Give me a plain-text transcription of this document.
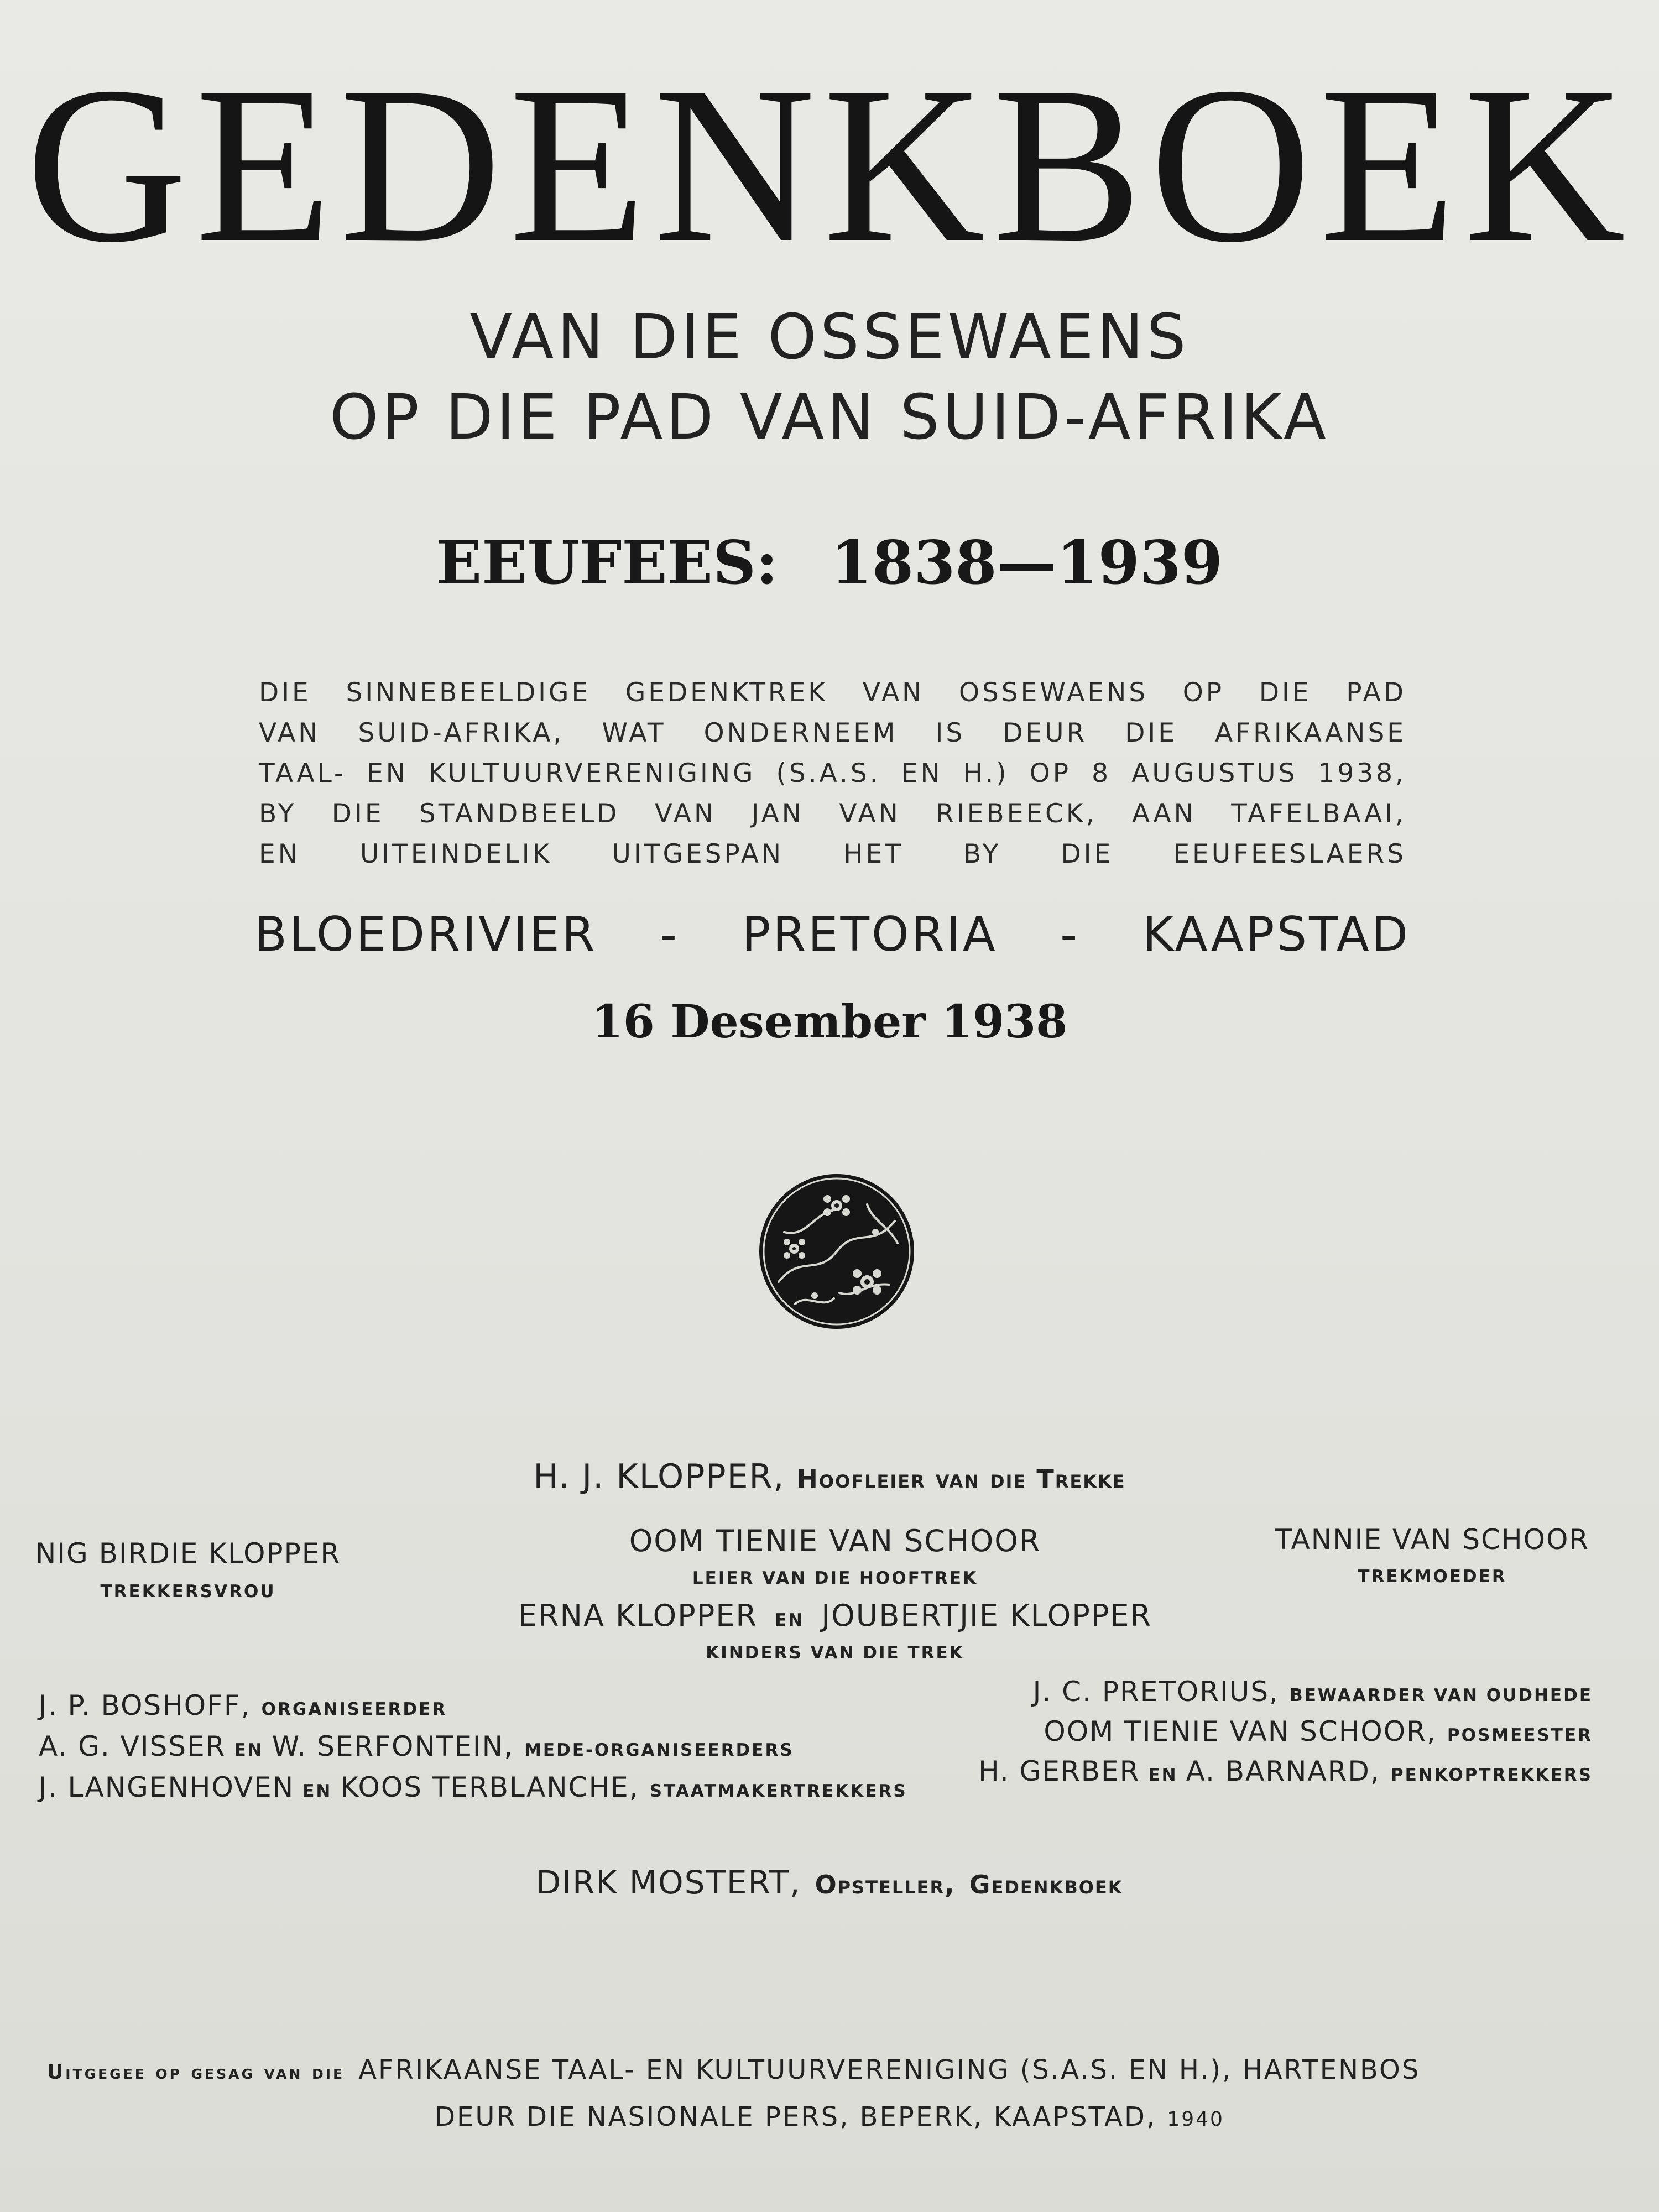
GEDENKBOEK
VAN DIE OSSEWAENS
OP DIE PAD VAN SUID-AFRIKA
EEUFEES: 1838—1939
DIE SINNEBEELDIGE GEDENKTREK VAN OSSEWAENS OP DIE PAD
VAN SUID-AFRIKA, WAT ONDERNEEM IS DEUR DIE AFRIKAANSE
TAAL- EN KULTUURVERENIGING (S.A.S. EN H.) OP 8 AUGUSTUS 1938,
BY DIE STANDBEELD VAN JAN VAN RIEBEECK, AAN TAFELBAAI,
EN UITEINDELIK UITGESPAN HET BY DIE EEUFEESLAERS
BLOEDRIVIER - PRETORIA - KAAPSTAD
16 Desember 1938
H. J. KLOPPER, Hoofleier van die Trekke
NIG BIRDIE KLOPPER
TREKKERSVROU
OOM TIENIE VAN SCHOOR
LEIER VAN DIE HOOFTREK
TANNIE VAN SCHOOR
TREKMOEDER
ERNA KLOPPER EN JOUBERTJIE KLOPPER
KINDERS VAN DIE TREK
J. P. BOSHOFF, ORGANISEERDER
A. G. VISSER EN W. SERFONTEIN, MEDE-ORGANISEERDERS
J. LANGENHOVEN EN KOOS TERBLANCHE, STAATMAKERTREKKERS
J. C. PRETORIUS, BEWAARDER VAN OUDHEDE
OOM TIENIE VAN SCHOOR, POSMEESTER
H. GERBER EN A. BARNARD, PENKOPTREKKERS
DIRK MOSTERT, Opsteller, Gedenkboek
Uitgegee op gesag van die AFRIKAANSE TAAL- EN KULTUURVERENIGING (S.A.S. EN H.), HARTENBOS
DEUR DIE NASIONALE PERS, BEPERK, KAAPSTAD, 1940
